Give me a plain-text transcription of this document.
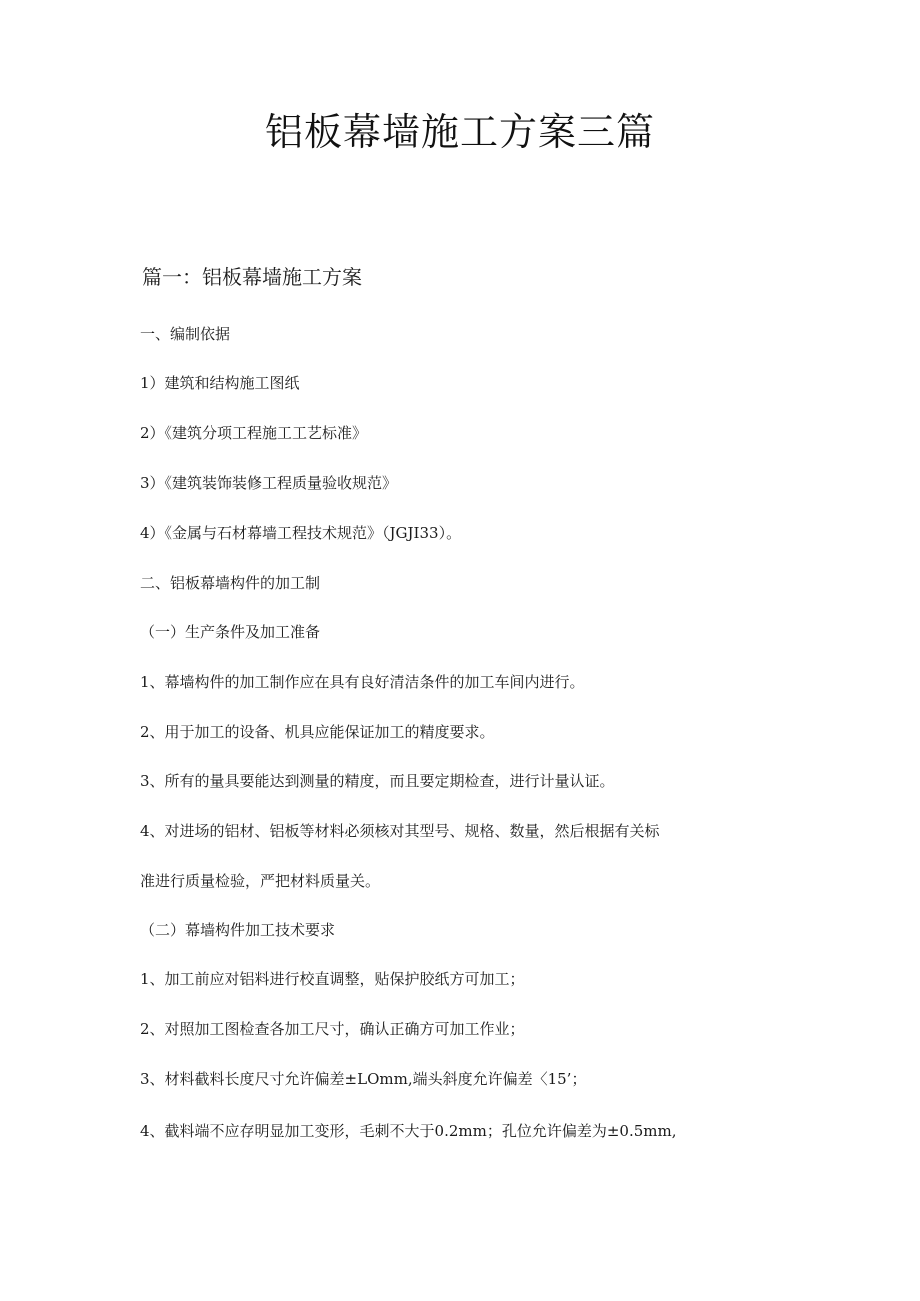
铝板幕墙施工方案三篇
篇一：铝板幕墙施工方案
一、编制依据
1）建筑和结构施工图纸
2）《建筑分项工程施工工艺标准》
3）《建筑装饰装修工程质量验收规范》
4）《金属与石材幕墙工程技术规范》（JGJI33）。
二、铝板幕墙构件的加工制
（一）生产条件及加工准备
1、幕墙构件的加工制作应在具有良好清洁条件的加工车间内进行。
2、用于加工的设备、机具应能保证加工的精度要求。
3、所有的量具要能达到测量的精度，而且要定期检查，进行计量认证。
4、对进场的铝材、铝板等材料必须核对其型号、规格、数量，然后根据有关标
准进行质量检验，严把材料质量关。
（二）幕墙构件加工技术要求
1、加工前应对铝料进行校直调整，贴保护胶纸方可加工；
2、对照加工图检查各加工尺寸，确认正确方可加工作业；
3、材料截料长度尺寸允许偏差±LOmm,端头斜度允许偏差〈15’；
4、截料端不应存明显加工变形，毛刺不大于0.2mm；孔位允许偏差为±0.5mm,
